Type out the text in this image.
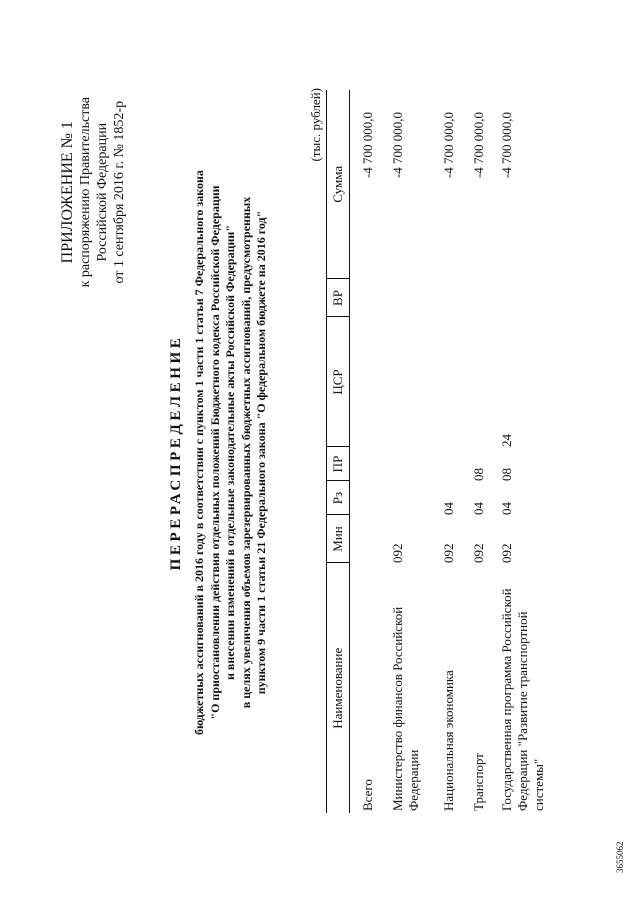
ПРИЛОЖЕНИЕ № 1 к распоряжению Правительства Российской Федерации от 1 сентября 2016 г. № 1852-р
ПЕРЕРАСПРЕДЕЛЕНИЕ бюджетных ассигнований в 2016 году в соответствии с пунктом 1 части 1 статьи 7 Федерального закона "О приостановлении действия отдельных положений Бюджетного кодекса Российской Федерации и внесении изменений в отдельные законодательные акты Российской Федерации" в целях увеличения объемов зарезервированных бюджетных ассигнований, предусмотренных пунктом 9 части 1 статьи 21 Федерального закона "О федеральном бюджете на 2016 год"
(тыс. рублей)
Наименование	Мин	Рз	ПР	ЦСР	ВР	Сумма
Всего						-4 700 000,0
Министерство финансов Российской Федерации	092					-4 700 000,0
Национальная экономика	092	04				-4 700 000,0
Транспорт	092	04	08			-4 700 000,0
Государственная программа Российской Федерации "Развитие транспортной системы"	092	04	08	24		-4 700 000,0
3655062
